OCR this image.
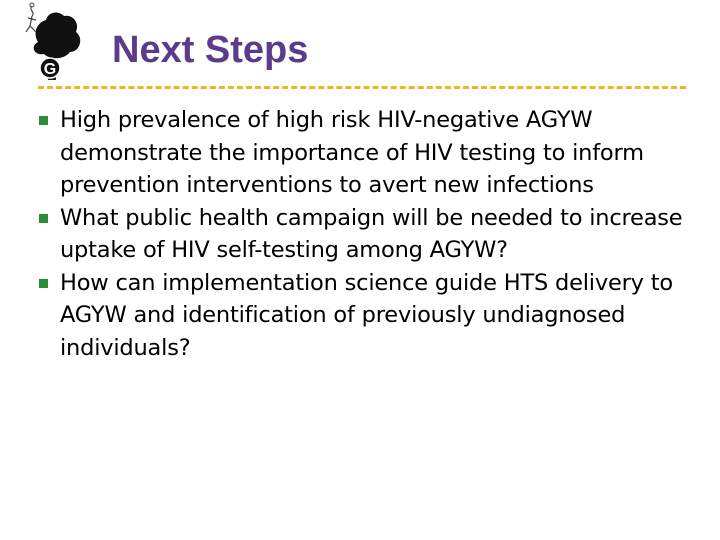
G Next Steps
High prevalence of high risk HIV-negative AGYW demonstrate the importance of HIV testing to inform prevention interventions to avert new infections
What public health campaign will be needed to increase uptake of HIV self-testing among AGYW?
How can implementation science guide HTS delivery to AGYW and identification of previously undiagnosed individuals?
